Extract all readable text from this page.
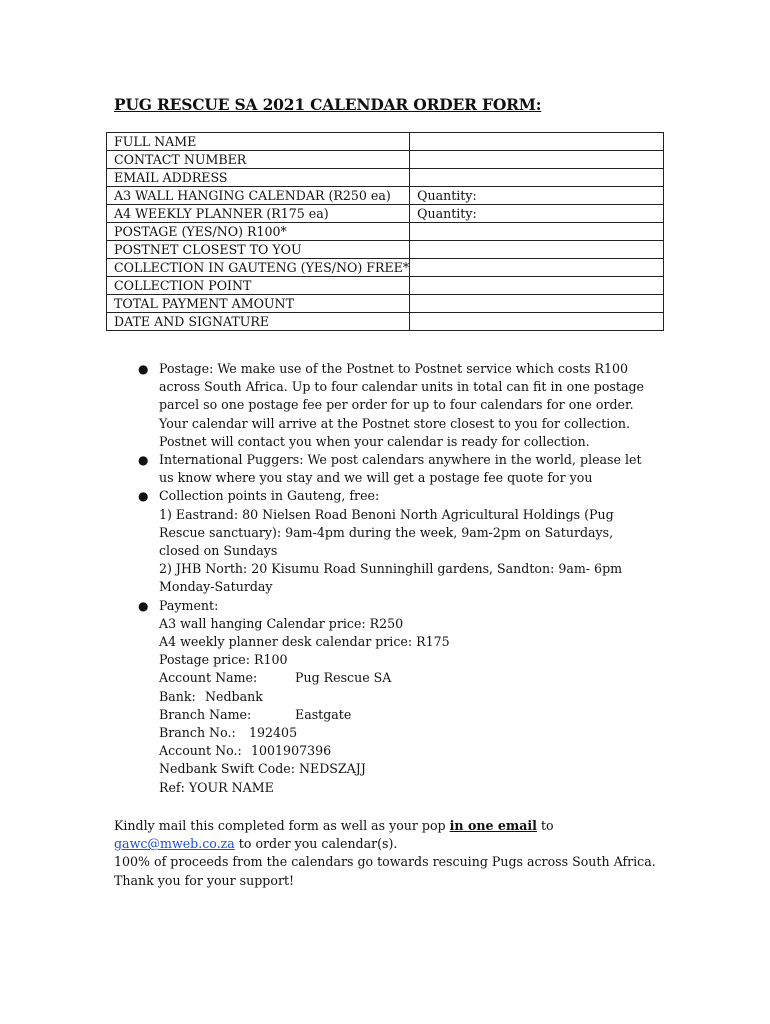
PUG RESCUE SA 2021 CALENDAR ORDER FORM:
FULL NAME	
CONTACT NUMBER	
EMAIL ADDRESS	
A3 WALL HANGING CALENDAR (R250 ea)	Quantity:
A4 WEEKLY PLANNER (R175 ea)	Quantity:
POSTAGE (YES/NO) R100*	
POSTNET CLOSEST TO YOU	
COLLECTION IN GAUTENG (YES/NO) FREE*	
COLLECTION POINT	
TOTAL PAYMENT AMOUNT	
DATE AND SIGNATURE	
● Postage: We make use of the Postnet to Postnet service which costs R100
across South Africa. Up to four calendar units in total can fit in one postage
parcel so one postage fee per order for up to four calendars for one order.
Your calendar will arrive at the Postnet store closest to you for collection.
Postnet will contact you when your calendar is ready for collection.
● International Puggers: We post calendars anywhere in the world, please let
us know where you stay and we will get a postage fee quote for you
● Collection points in Gauteng, free:
1) Eastrand: 80 Nielsen Road Benoni North Agricultural Holdings (Pug
Rescue sanctuary): 9am-4pm during the week, 9am-2pm on Saturdays,
closed on Sundays
2) JHB North: 20 Kisumu Road Sunninghill gardens, Sandton: 9am- 6pm
Monday-Saturday
● Payment:
A3 wall hanging Calendar price: R250
A4 weekly planner desk calendar price: R175
Postage price: R100
Account Name:	Pug Rescue SA
Bank: Nedbank
Branch Name:	Eastgate
Branch No.: 192405
Account No.: 1001907396
Nedbank Swift Code: NEDSZAJJ
Ref: YOUR NAME
Kindly mail this completed form as well as your pop in one email to
gawc@mweb.co.za to order you calendar(s).
100% of proceeds from the calendars go towards rescuing Pugs across South Africa.
Thank you for your support!
